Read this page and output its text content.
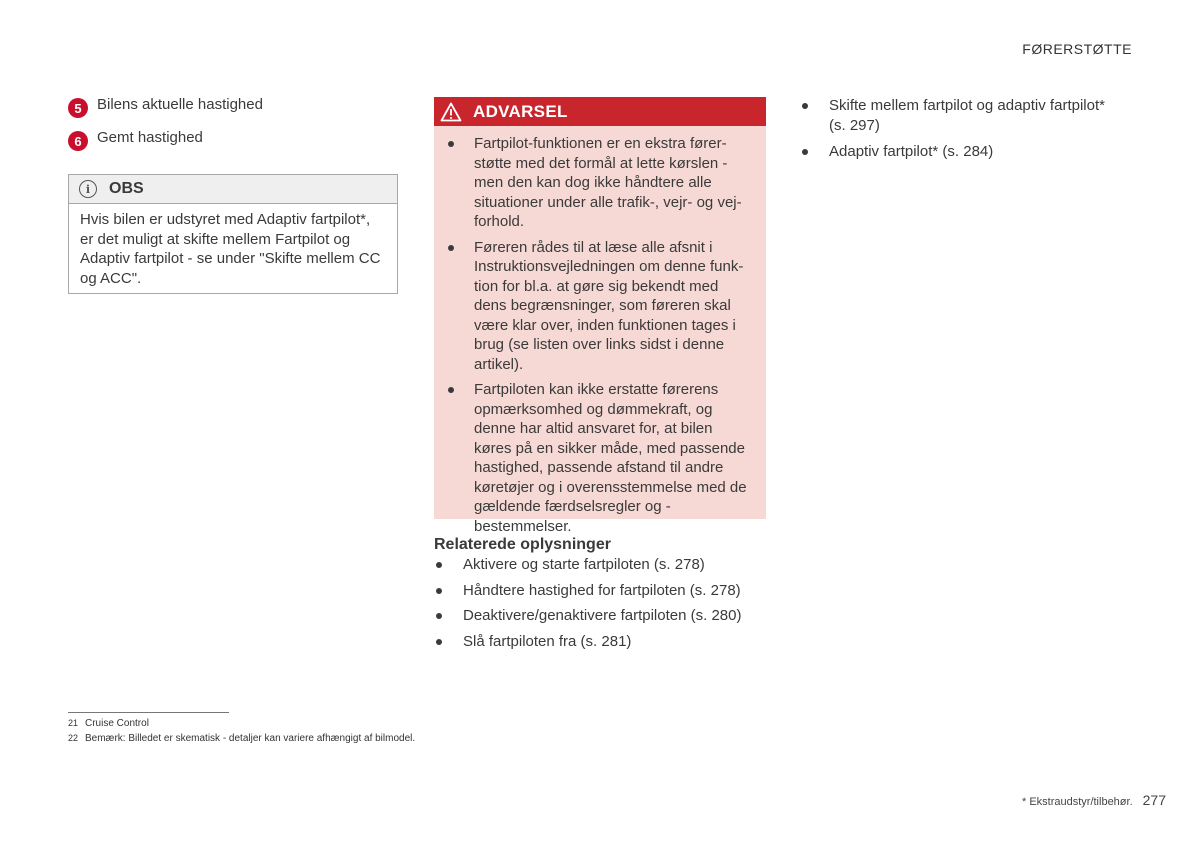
FØRERSTØTTE
5	Bilens aktuelle hastighed
6	Gemt hastighed
i	OBS
Hvis bilen er udstyret med Adaptiv fartpilot*, er det muligt at skifte mellem Fartpilot og Adaptiv fartpilot - se under "Skifte mellem CC og ACC".
ADVARSEL
Fartpilot-funktionen er en ekstra førerstøtte med det formål at lette kørslen - men den kan dog ikke håndtere alle situationer under alle trafik-, vejr- og vejforhold.
Føreren rådes til at læse alle afsnit i Instruktionsvejledningen om denne funktion for bl.a. at gøre sig bekendt med dens begrænsninger, som føreren skal være klar over, inden funktionen tages i brug (se listen over links sidst i denne artikel).
Fartpiloten kan ikke erstatte førerens opmærksomhed og dømmekraft, og denne har altid ansvaret for, at bilen køres på en sikker måde, med passende hastighed, passende afstand til andre køretøjer og i overensstemmelse med de gældende færdselsregler og -bestemmelser.
Relaterede oplysninger
Aktivere og starte fartpiloten (s. 278)
Håndtere hastighed for fartpiloten (s. 278)
Deaktivere/genaktivere fartpiloten (s. 280)
Slå fartpiloten fra (s. 281)
Skifte mellem fartpilot og adaptiv fartpilot* (s. 297)
Adaptiv fartpilot* (s. 284)
21 Cruise Control
22 Bemærk: Billedet er skematisk - detaljer kan variere afhængigt af bilmodel.
* Ekstraudstyr/tilbehør. 277
